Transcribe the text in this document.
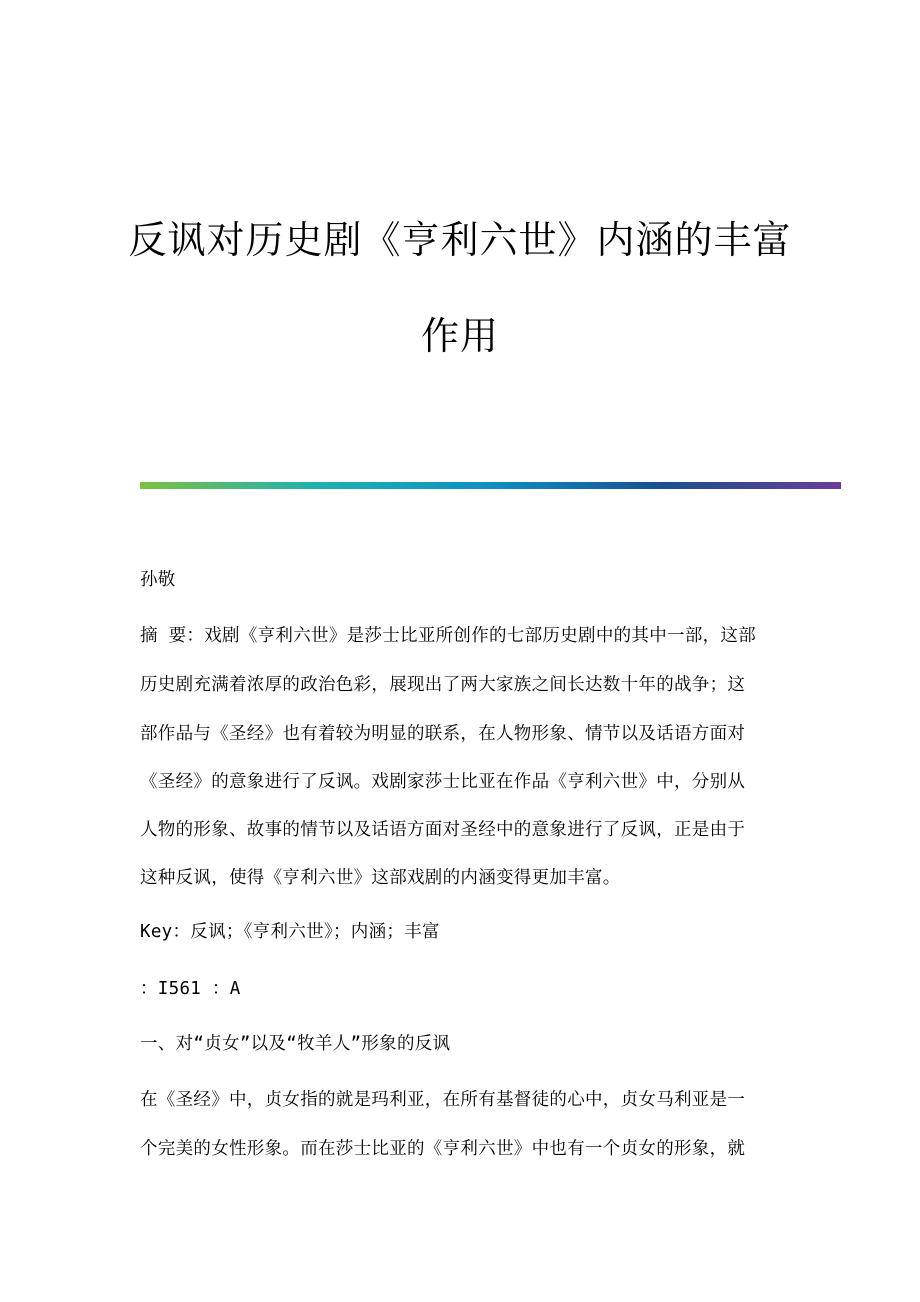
反讽对历史剧《亨利六世》内涵的丰富
作用
孙敬
摘 要：戏剧《亨利六世》是莎士比亚所创作的七部历史剧中的其中一部，这部
历史剧充满着浓厚的政治色彩，展现出了两大家族之间长达数十年的战争；这
部作品与《圣经》也有着较为明显的联系，在人物形象、情节以及话语方面对
《圣经》的意象进行了反讽。戏剧家莎士比亚在作品《亨利六世》中，分别从
人物的形象、故事的情节以及话语方面对圣经中的意象进行了反讽，正是由于
这种反讽，使得《亨利六世》这部戏剧的内涵变得更加丰富。
Key：反讽；《亨利六世》；内涵；丰富
：I561 ：A
一、对“贞女”以及“牧羊人”形象的反讽
在《圣经》中，贞女指的就是玛利亚，在所有基督徒的心中，贞女马利亚是一
个完美的女性形象。而在莎士比亚的《亨利六世》中也有一个贞女的形象，就
